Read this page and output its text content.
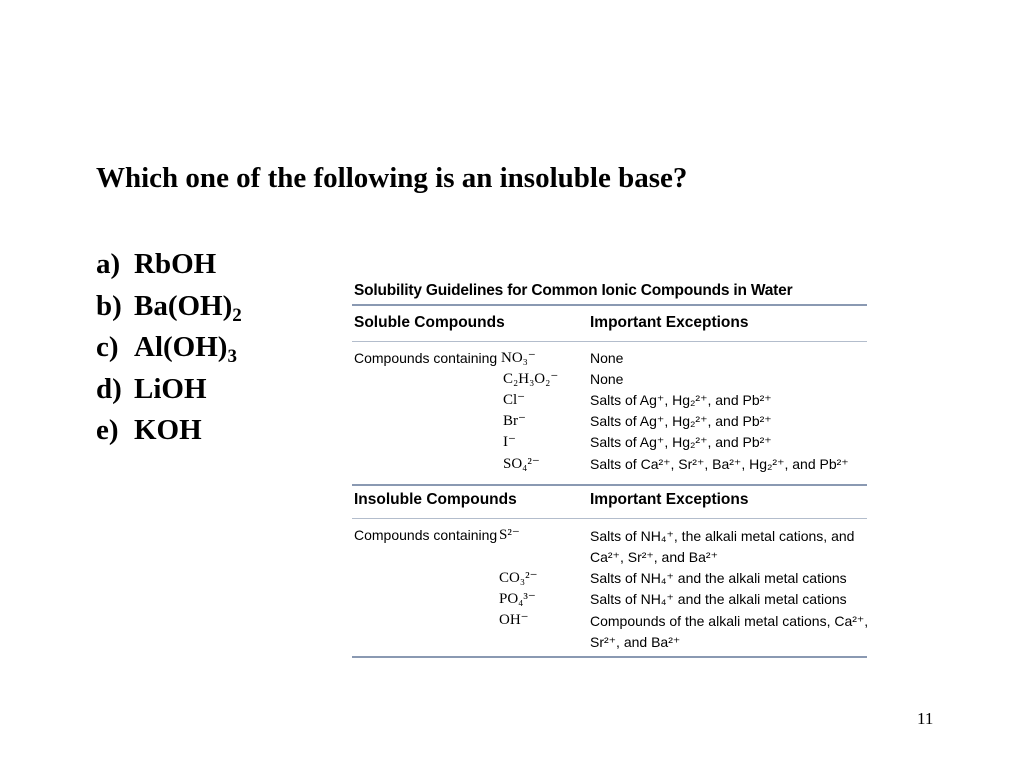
Which one of the following is an insoluble base?
a) RbOH
b) $Ba(OH)_2$
c) $Al(OH)_3$
d) LiOH
e) KOH
Solubility Guidelines for Common Ionic Compounds in Water
Soluble Compounds	Important Exceptions
Compounds containing NO₃⁻	None
C₂H₃O₂⁻ None
Cl⁻	Salts of Ag⁺, Hg₂²⁺, and Pb²⁺
Br⁻	Salts of Ag⁺, Hg₂²⁺, and Pb²⁺
I⁻	Salts of Ag⁺, Hg₂²⁺, and Pb²⁺
SO₄²⁻	Salts of Ca²⁺, Sr²⁺, Ba²⁺, Hg₂²⁺, and Pb²⁺
Insoluble Compounds	Important Exceptions
Compounds containing S²⁻	Salts of NH₄⁺, the alkali metal cations, and Ca²⁺, Sr²⁺, and Ba²⁺
CO₃²⁻	Salts of NH₄⁺ and the alkali metal cations
PO₄³⁻	Salts of NH₄⁺ and the alkali metal cations
OH⁻	Compounds of the alkali metal cations, Ca²⁺, Sr²⁺, and Ba²⁺
11
